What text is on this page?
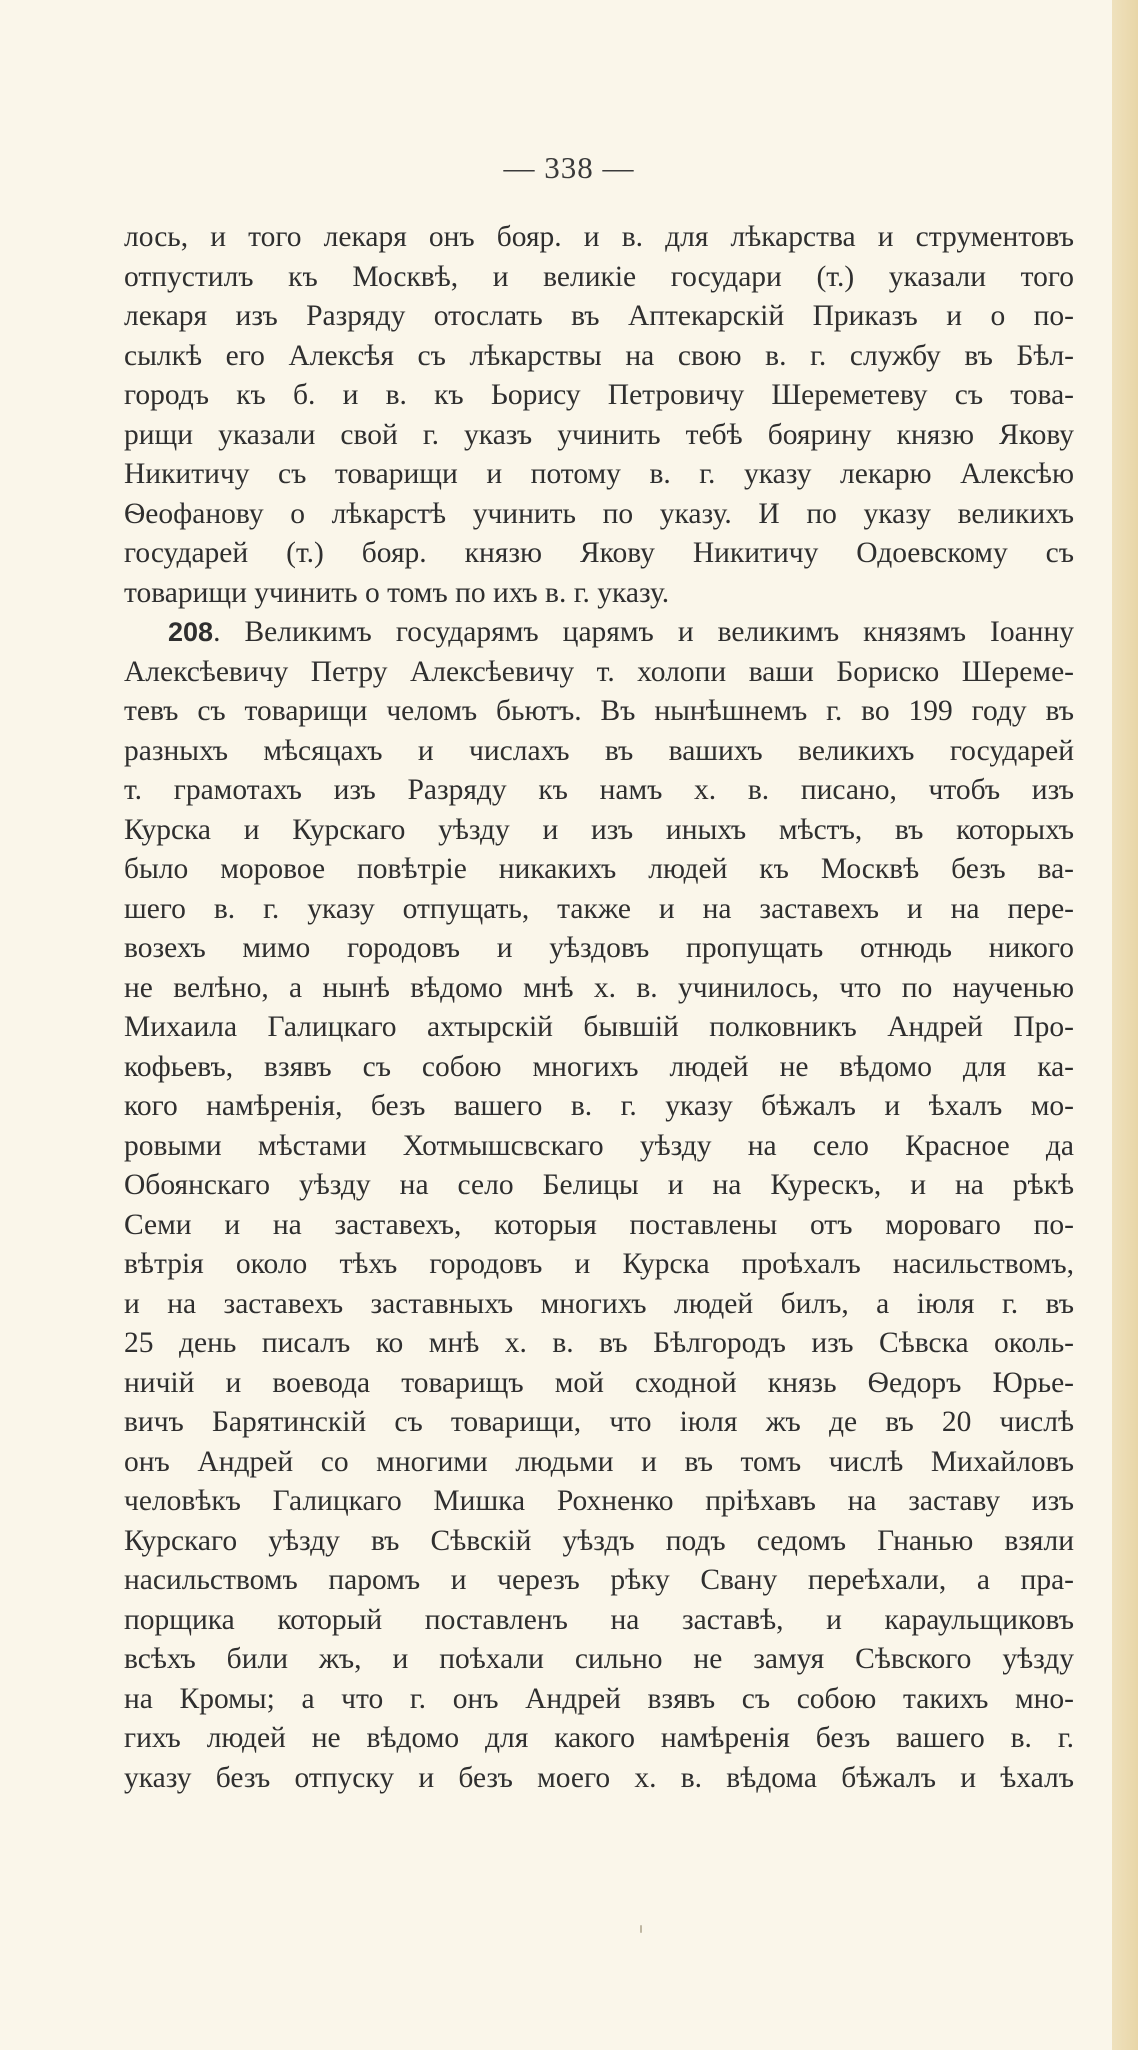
— 338 —
лось, и того лекаря онъ бояр. и в. для лѣкарства и струментовъ
отпустилъ къ Москвѣ, и великіе государи (т.) указали того
лекаря изъ Разряду отослать въ Аптекарскій Приказъ и о по-
сылкѣ его Алексѣя съ лѣкарствы на свою в. г. службу въ Бѣл-
городъ къ б. и в. къ Ьорису Петровичу Шереметеву съ това-
рищи указали свой г. указъ учинить тебѣ боярину князю Якову
Никитичу съ товарищи и потому в. г. указу лекарю Алексѣю
Ѳеофанову о лѣкарстѣ учинить по указу. И по указу великихъ
государей (т.) бояр. князю Якову Никитичу Одоевскому съ
товарищи учинить о томъ по ихъ в. г. указу.
208. Великимъ государямъ царямъ и великимъ князямъ Іоанну
Алексѣевичу Петру Алексѣевичу т. холопи ваши Бориско Шереме-
тевъ съ товарищи челомъ бьютъ. Въ нынѣшнемъ г. во 199 году въ
разныхъ мѣсяцахъ и числахъ въ вашихъ великихъ государей
т. грамотахъ изъ Разряду къ намъ х. в. писано, чтобъ изъ
Курска и Курскаго уѣзду и изъ иныхъ мѣстъ, въ которыхъ
было моровое повѣтріе никакихъ людей къ Москвѣ безъ ва-
шего в. г. указу отпущать, также и на заставехъ и на пере-
возехъ мимо городовъ и уѣздовъ пропущать отнюдь никого
не велѣно, а нынѣ вѣдомо мнѣ х. в. учинилось, что по наученью
Михаила Галицкаго ахтырскій бывшій полковникъ Андрей Про-
кофьевъ, взявъ съ собою многихъ людей не вѣдомо для ка-
кого намѣренія, безъ вашего в. г. указу бѣжалъ и ѣхалъ мо-
ровыми мѣстами Хотмышсвскаго уѣзду на село Красное да
Обоянскаго уѣзду на село Белицы и на Курескъ, и на рѣкѣ
Семи и на заставехъ, которыя поставлены отъ мороваго по-
вѣтрія около тѣхъ городовъ и Курска проѣхалъ насильствомъ,
и на заставехъ заставныхъ многихъ людей билъ, а іюля г. въ
25 день писалъ ко мнѣ х. в. въ Бѣлгородъ изъ Сѣвска околь-
ничій и воевода товарищъ мой сходной князь Ѳедоръ Юрье-
вичъ Барятинскій съ товарищи, что іюля жъ де въ 20 числѣ
онъ Андрей со многими людьми и въ томъ числѣ Михайловъ
человѣкъ Галицкаго Мишка Рохненко пріѣхавъ на заставу изъ
Курскаго уѣзду въ Сѣвскій уѣздъ подъ седомъ Гнанью взяли
насильствомъ паромъ и черезъ рѣку Свану переѣхали, а пра-
порщика который поставленъ на заставѣ, и караульщиковъ
всѣхъ били жъ, и поѣхали сильно не замуя Сѣвского уѣзду
на Кромы; а что г. онъ Андрей взявъ съ собою такихъ мно-
гихъ людей не вѣдомо для какого намѣренія безъ вашего в. г.
указу безъ отпуску и безъ моего х. в. вѣдома бѣжалъ и ѣхалъ
